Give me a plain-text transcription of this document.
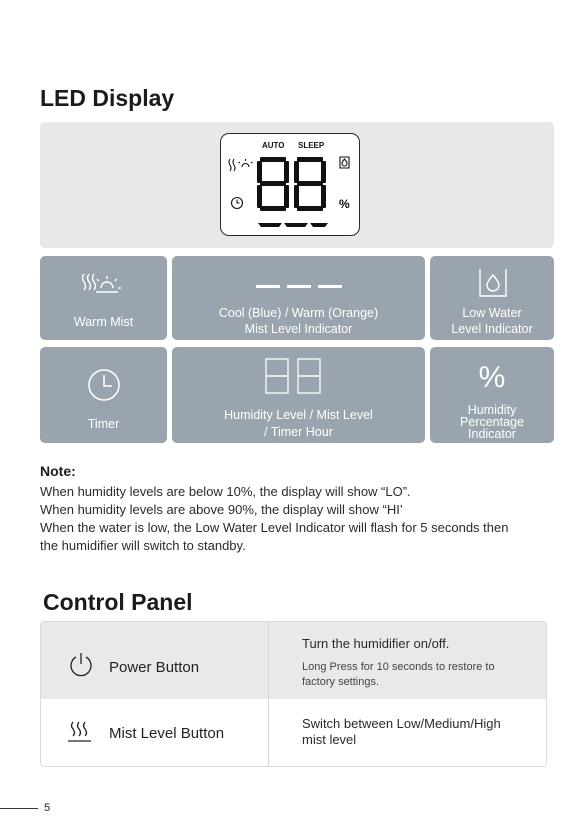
LED Display
AUTO SLEEP
%
Warm Mist
Cool (Blue) / Warm (Orange)
Mist Level Indicator
Low Water
Level Indicator
Timer
Humidity Level / Mist Level
/ Timer Hour
%
Humidity
Percentage
Indicator
Note:
When humidity levels are below 10%, the display will show “LO”.
When humidity levels are above 90%, the display will show “HI’
When the water is low, the Low Water Level Indicator will flash for 5 seconds then
the humidifier will switch to standby.
Control Panel
Power Button
Turn the humidifier on/off.
Long Press for 10 seconds to restore to
factory settings.
Mist Level Button
Switch between Low/Medium/High
mist level
5
